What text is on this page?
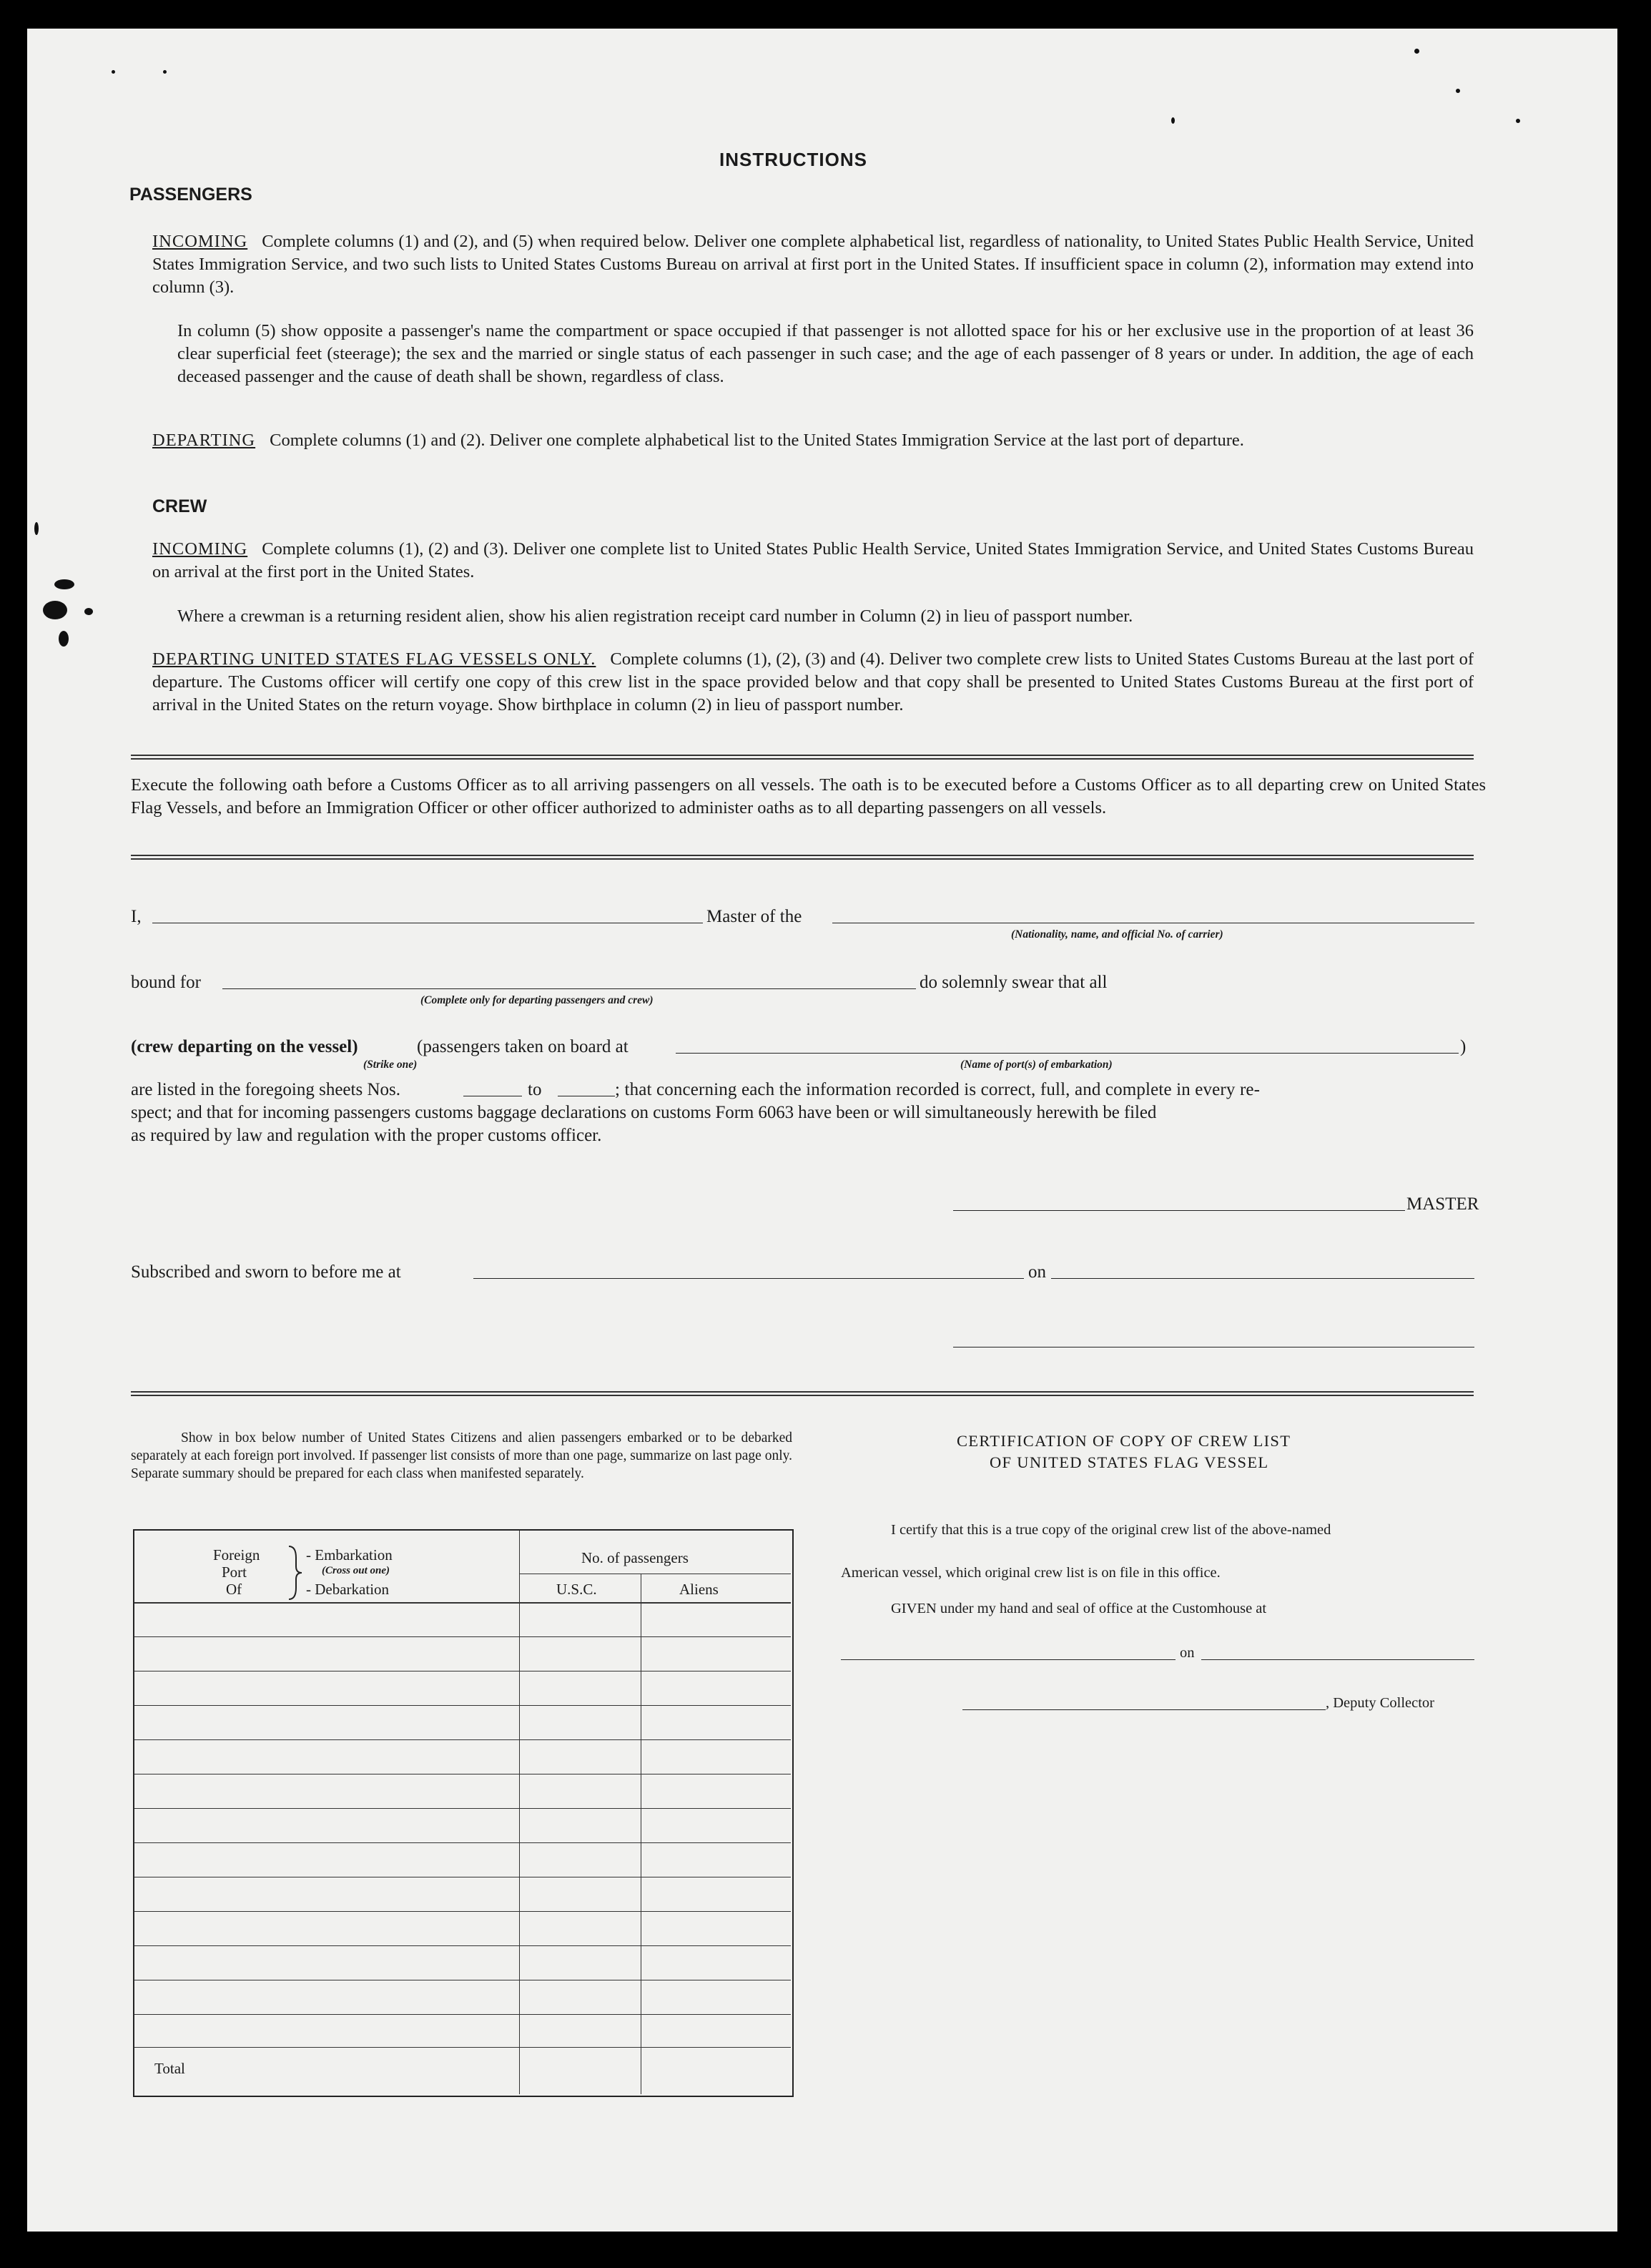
INSTRUCTIONS
PASSENGERS

INCOMING Complete columns (1) and (2), and (5) when required below. Deliver one complete alphabetical list, regardless of nationality, to United States Public Health Service, United States Immigration Service, and two such lists to United States Customs Bureau on arrival at first port in the United States. If insufficient space in column (2), information may extend into column (3).

In column (5) show opposite a passenger's name the compartment or space occupied if that passenger is not allotted space for his or her exclusive use in the proportion of at least 36 clear superficial feet (steerage); the sex and the married or single status of each passenger in such case; and the age of each passenger of 8 years or under. In addition, the age of each deceased passenger and the cause of death shall be shown, regardless of class.

DEPARTING Complete columns (1) and (2). Deliver one complete alphabetical list to the United States Immigration Service at the last port of departure.

CREW

INCOMING Complete columns (1), (2) and (3). Deliver one complete list to United States Public Health Service, United States Immigration Service, and United States Customs Bureau on arrival at the first port in the United States.

Where a crewman is a returning resident alien, show his alien registration receipt card number in Column (2) in lieu of passport number.

DEPARTING UNITED STATES FLAG VESSELS ONLY. Complete columns (1), (2), (3) and (4). Deliver two complete crew lists to United States Customs Bureau at the last port of departure. The Customs officer will certify one copy of this crew list in the space provided below and that copy shall be presented to United States Customs Bureau at the first port of arrival in the United States on the return voyage. Show birthplace in column (2) in lieu of passport number.

Execute the following oath before a Customs Officer as to all arriving passengers on all vessels. The oath is to be executed before a Customs Officer as to all departing crew on United States Flag Vessels, and before an Immigration Officer or other officer authorized to administer oaths as to all departing passengers on all vessels.

I,	Master of the
(Nationality, name, and official No. of carrier)
bound for
(Complete only for departing passengers and crew)
do solemnly swear that all
(crew departing on the vessel)
(Strike one)
(passengers taken on board at
(Name of port(s) of embarkation)
)
are listed in the foregoing sheets Nos.	to	; that concerning each the information recorded is correct, full, and complete in every re-
spect; and that for incoming passengers customs baggage declarations on customs Form 6063 have been or will simultaneously herewith be filed
as required by law and regulation with the proper customs officer.
MASTER
Subscribed and sworn to before me at	on

Show in box below number of United States Citizens and alien passengers embarked or to be debarked separately at each foreign port involved. If passenger list consists of more than one page, summarize on last page only. Separate summary should be prepared for each class when manifested separately.

Foreign
Port
Of
- Embarkation
(Cross out one)
- Debarkation
No. of passengers
U.S.C.	Aliens
Total
CERTIFICATION OF COPY OF CREW LIST
OF UNITED STATES FLAG VESSEL
I certify that this is a true copy of the original crew list of the above-named
American vessel, which original crew list is on file in this office.
GIVEN under my hand and seal of office at the Customhouse at
on
, Deputy Collector
